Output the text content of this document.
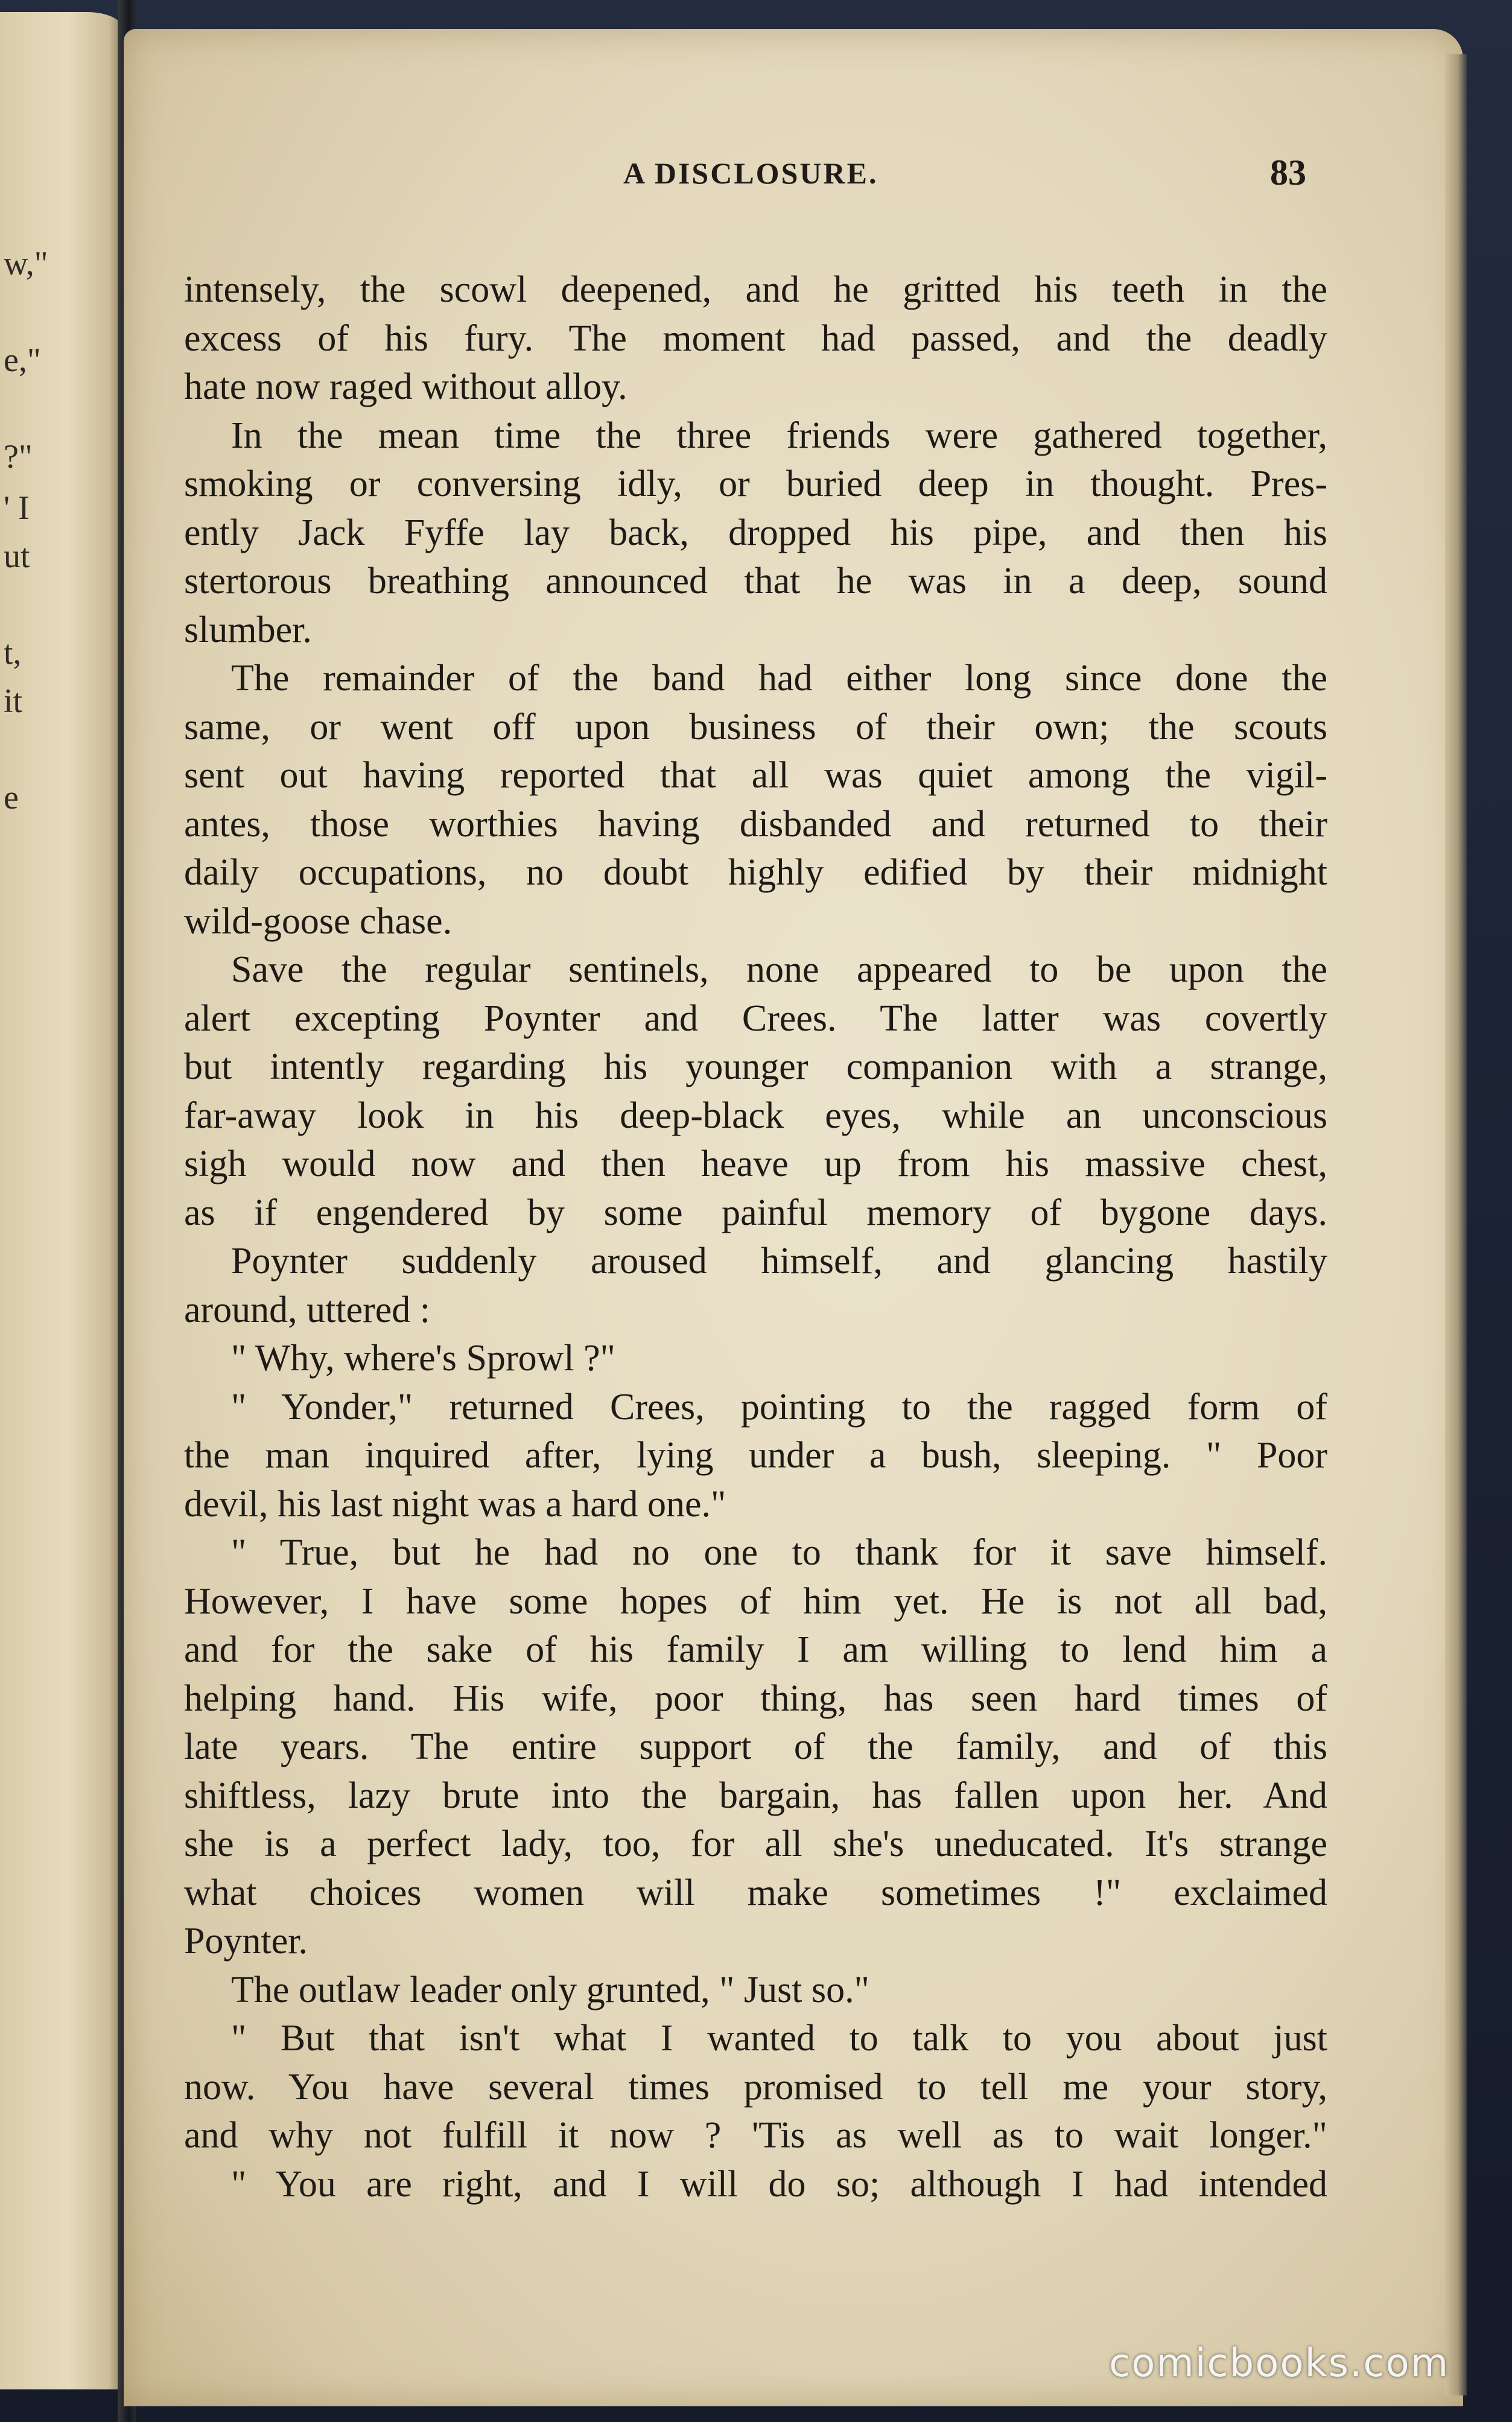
w,"
e,"
?"
' I
ut
t,
it
e
A DISCLOSURE.	83
intensely, the scowl deepened, and he gritted his teeth in the
excess of his fury. The moment had passed, and the deadly
hate now raged without alloy.
In the mean time the three friends were gathered together,
smoking or conversing idly, or buried deep in thought. Pres-
ently Jack Fyffe lay back, dropped his pipe, and then his
stertorous breathing announced that he was in a deep, sound
slumber.
The remainder of the band had either long since done the
same, or went off upon business of their own; the scouts
sent out having reported that all was quiet among the vigil-
antes, those worthies having disbanded and returned to their
daily occupations, no doubt highly edified by their midnight
wild-goose chase.
Save the regular sentinels, none appeared to be upon the
alert excepting Poynter and Crees. The latter was covertly
but intently regarding his younger companion with a strange,
far-away look in his deep-black eyes, while an unconscious
sigh would now and then heave up from his massive chest,
as if engendered by some painful memory of bygone days.
Poynter suddenly aroused himself, and glancing hastily
around, uttered :
" Why, where's Sprowl ?"
" Yonder," returned Crees, pointing to the ragged form of
the man inquired after, lying under a bush, sleeping. " Poor
devil, his last night was a hard one."
" True, but he had no one to thank for it save himself.
However, I have some hopes of him yet. He is not all bad,
and for the sake of his family I am willing to lend him a
helping hand. His wife, poor thing, has seen hard times of
late years. The entire support of the family, and of this
shiftless, lazy brute into the bargain, has fallen upon her. And
she is a perfect lady, too, for all she's uneducated. It's strange
what choices women will make sometimes !" exclaimed
Poynter.
The outlaw leader only grunted, " Just so."
" But that isn't what I wanted to talk to you about just
now. You have several times promised to tell me your story,
and why not fulfill it now ? 'Tis as well as to wait longer."
" You are right, and I will do so; although I had intended
comicbooks.com
